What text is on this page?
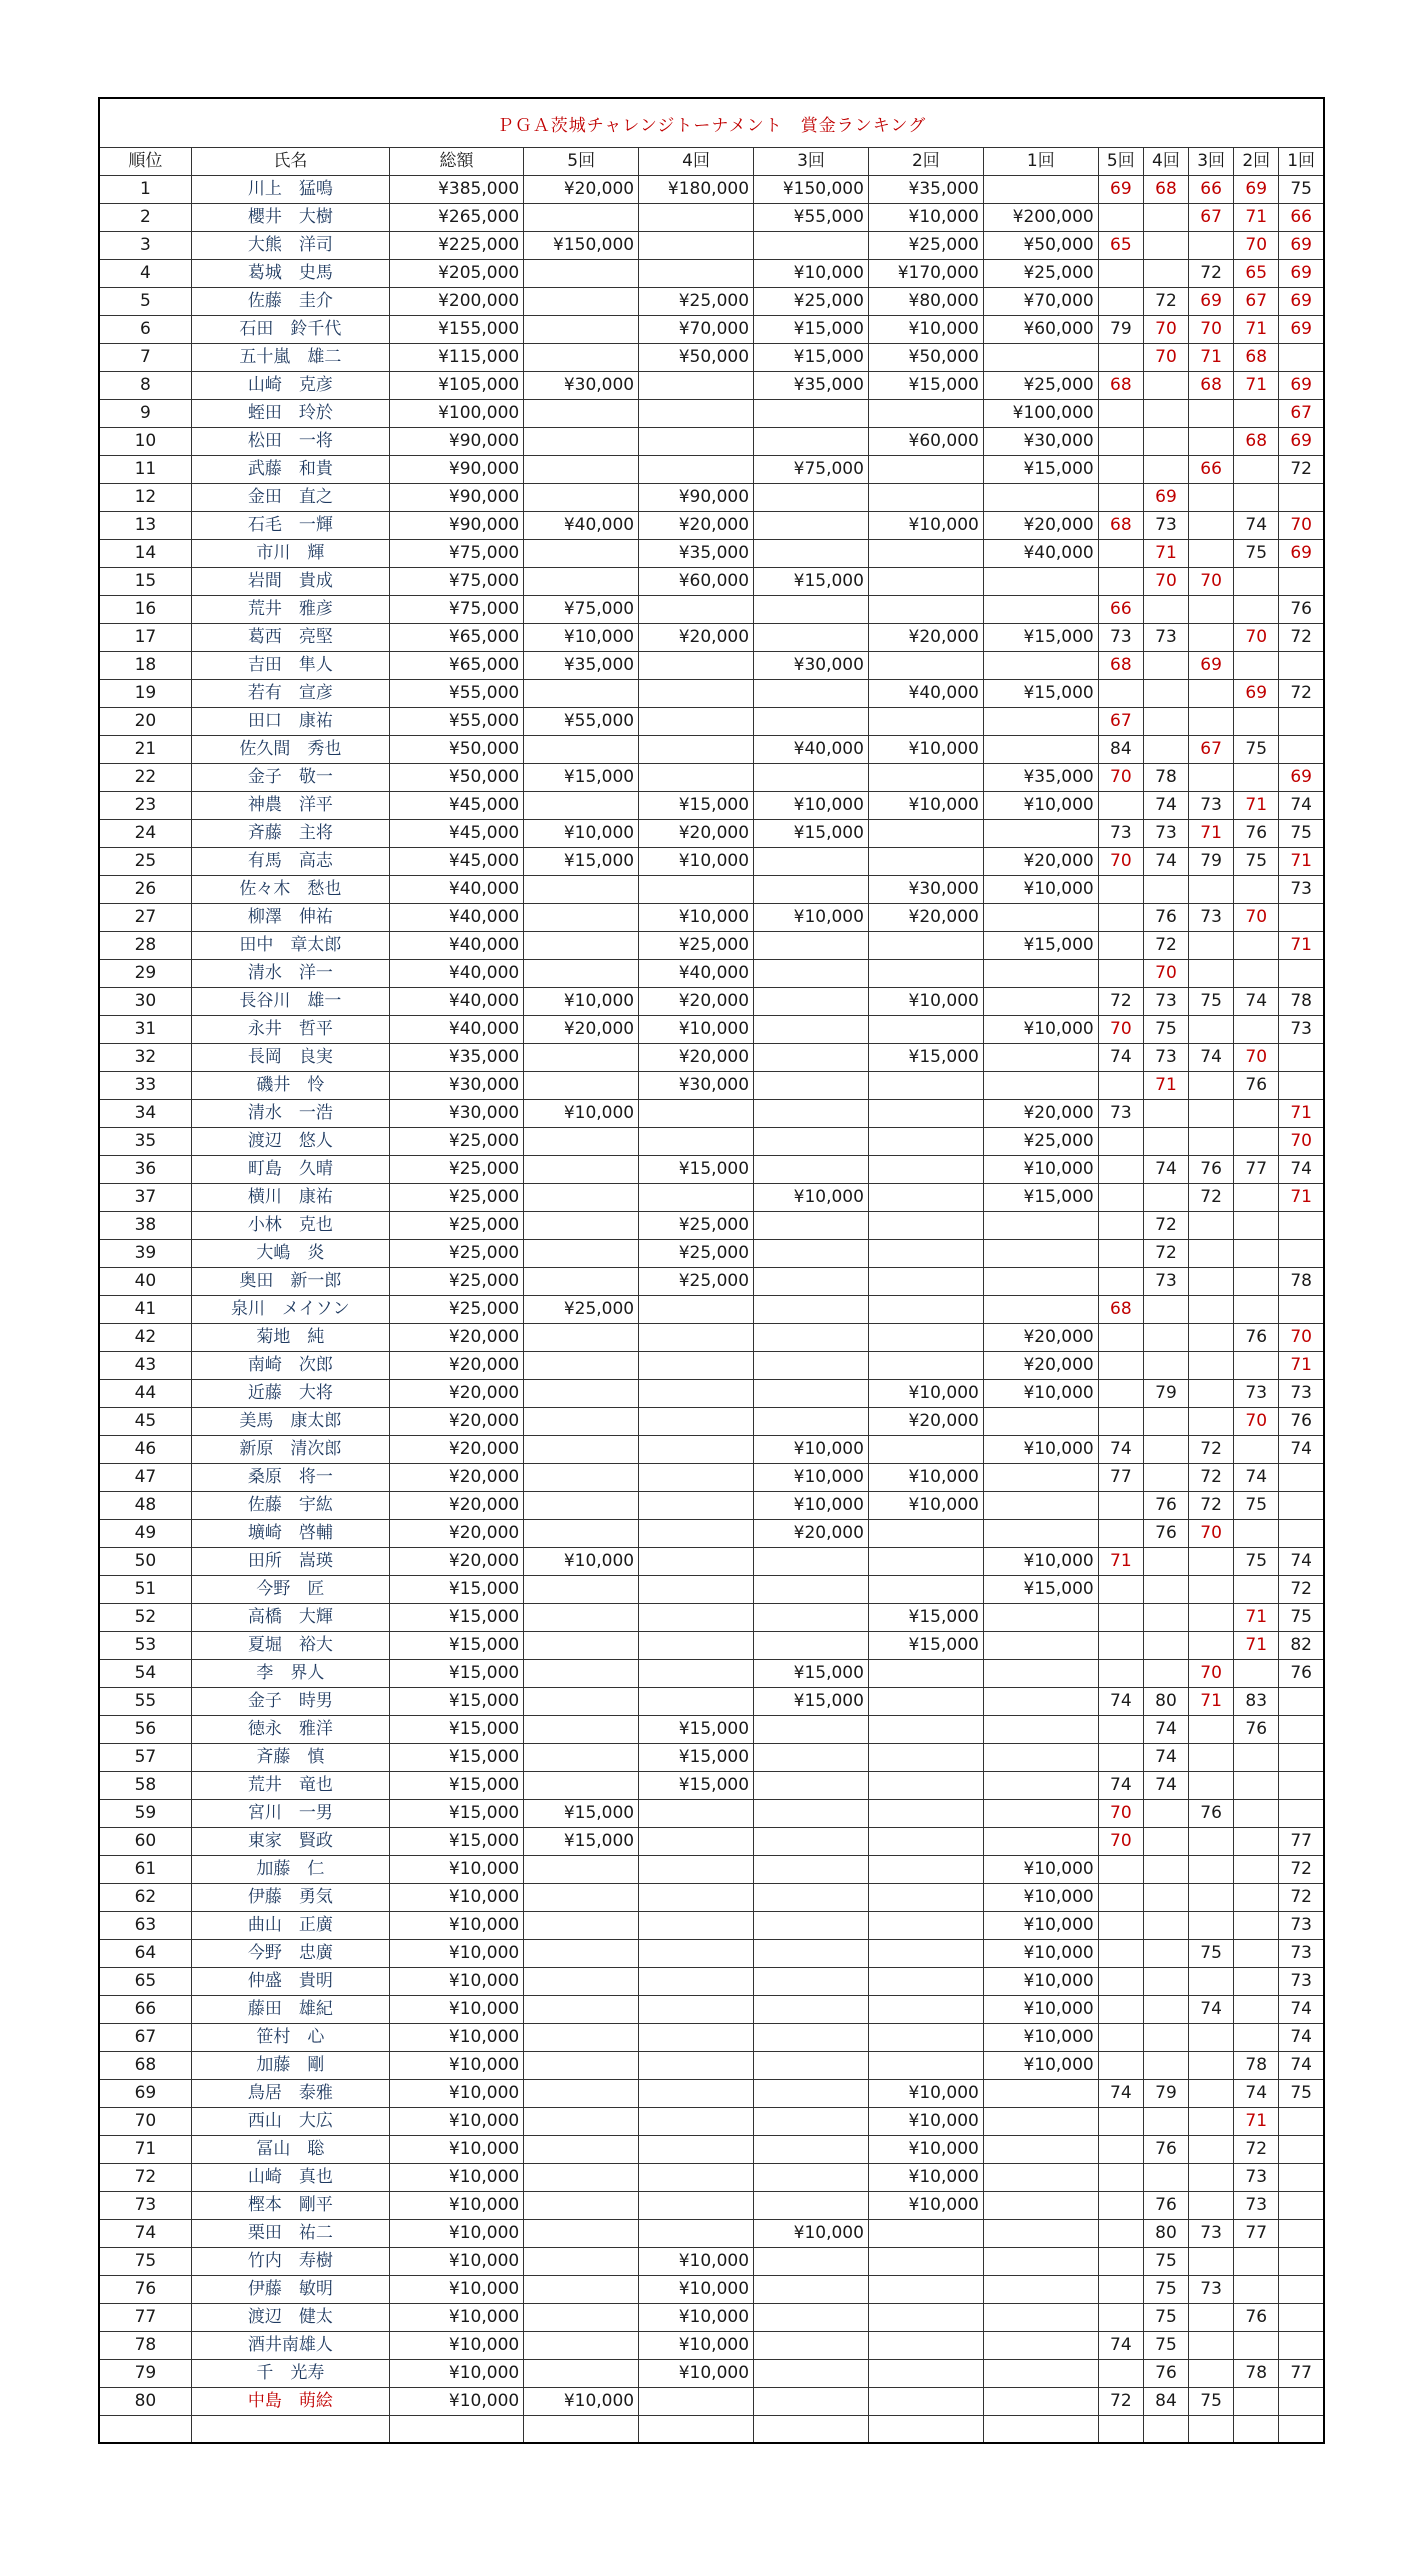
ＰＧＡ茨城チャレンジトーナメント　賞金ランキング
順位	氏名	総額	5回	4回	3回	2回	1回	5回	4回	3回	2回	1回
1	川上　猛鳴	¥385,000	¥20,000	¥180,000	¥150,000	¥35,000		69	68	66	69	75
2	櫻井　大樹	¥265,000			¥55,000	¥10,000	¥200,000			67	71	66
3	大熊　洋司	¥225,000	¥150,000			¥25,000	¥50,000	65			70	69
4	葛城　史馬	¥205,000			¥10,000	¥170,000	¥25,000			72	65	69
5	佐藤　圭介	¥200,000		¥25,000	¥25,000	¥80,000	¥70,000		72	69	67	69
6	石田　鈴千代	¥155,000		¥70,000	¥15,000	¥10,000	¥60,000	79	70	70	71	69
7	五十嵐　雄二	¥115,000		¥50,000	¥15,000	¥50,000			70	71	68	
8	山崎　克彦	¥105,000	¥30,000		¥35,000	¥15,000	¥25,000	68		68	71	69
9	蛭田　玲於	¥100,000					¥100,000					67
10	松田　一将	¥90,000				¥60,000	¥30,000				68	69
11	武藤　和貴	¥90,000			¥75,000		¥15,000			66		72
12	金田　直之	¥90,000		¥90,000					69			
13	石毛　一輝	¥90,000	¥40,000	¥20,000		¥10,000	¥20,000	68	73		74	70
14	市川　輝	¥75,000		¥35,000			¥40,000		71		75	69
15	岩間　貴成	¥75,000		¥60,000	¥15,000				70	70		
16	荒井　雅彦	¥75,000	¥75,000					66				76
17	葛西　亮堅	¥65,000	¥10,000	¥20,000		¥20,000	¥15,000	73	73		70	72
18	吉田　隼人	¥65,000	¥35,000		¥30,000			68		69		
19	若有　宣彦	¥55,000				¥40,000	¥15,000				69	72
20	田口　康祐	¥55,000	¥55,000					67				
21	佐久間　秀也	¥50,000			¥40,000	¥10,000		84		67	75	
22	金子　敬一	¥50,000	¥15,000				¥35,000	70	78			69
23	神農　洋平	¥45,000		¥15,000	¥10,000	¥10,000	¥10,000		74	73	71	74
24	斉藤　主将	¥45,000	¥10,000	¥20,000	¥15,000			73	73	71	76	75
25	有馬　高志	¥45,000	¥15,000	¥10,000			¥20,000	70	74	79	75	71
26	佐々木　愁也	¥40,000				¥30,000	¥10,000					73
27	柳澤　伸祐	¥40,000		¥10,000	¥10,000	¥20,000			76	73	70	
28	田中　章太郎	¥40,000		¥25,000			¥15,000		72			71
29	清水　洋一	¥40,000		¥40,000					70			
30	長谷川　雄一	¥40,000	¥10,000	¥20,000		¥10,000		72	73	75	74	78
31	永井　哲平	¥40,000	¥20,000	¥10,000			¥10,000	70	75			73
32	長岡　良実	¥35,000		¥20,000		¥15,000		74	73	74	70	
33	磯井　怜	¥30,000		¥30,000					71		76	
34	清水　一浩	¥30,000	¥10,000				¥20,000	73				71
35	渡辺　悠人	¥25,000					¥25,000					70
36	町島　久晴	¥25,000		¥15,000			¥10,000		74	76	77	74
37	横川　康祐	¥25,000			¥10,000		¥15,000			72		71
38	小林　克也	¥25,000		¥25,000					72			
39	大嶋　炎	¥25,000		¥25,000					72			
40	奥田　新一郎	¥25,000		¥25,000					73			78
41	泉川　メイソン	¥25,000	¥25,000					68				
42	菊地　純	¥20,000					¥20,000				76	70
43	南崎　次郎	¥20,000					¥20,000					71
44	近藤　大将	¥20,000				¥10,000	¥10,000		79		73	73
45	美馬　康太郎	¥20,000				¥20,000					70	76
46	新原　清次郎	¥20,000			¥10,000		¥10,000	74		72		74
47	桑原　将一	¥20,000			¥10,000	¥10,000		77		72	74	
48	佐藤　宇紘	¥20,000			¥10,000	¥10,000			76	72	75	
49	壙崎　啓輔	¥20,000			¥20,000				76	70		
50	田所　嵩瑛	¥20,000	¥10,000				¥10,000	71			75	74
51	今野　匠	¥15,000					¥15,000					72
52	高橋　大輝	¥15,000				¥15,000					71	75
53	夏堀　裕大	¥15,000				¥15,000					71	82
54	李　界人	¥15,000			¥15,000					70		76
55	金子　時男	¥15,000			¥15,000			74	80	71	83	
56	徳永　雅洋	¥15,000		¥15,000					74		76	
57	斉藤　慎	¥15,000		¥15,000					74			
58	荒井　竜也	¥15,000		¥15,000				74	74			
59	宮川　一男	¥15,000	¥15,000					70		76		
60	東家　賢政	¥15,000	¥15,000					70				77
61	加藤　仁	¥10,000					¥10,000					72
62	伊藤　勇気	¥10,000					¥10,000					72
63	曲山　正廣	¥10,000					¥10,000					73
64	今野　忠廣	¥10,000					¥10,000			75		73
65	仲盛　貴明	¥10,000					¥10,000					73
66	藤田　雄紀	¥10,000					¥10,000			74		74
67	笹村　心	¥10,000					¥10,000					74
68	加藤　剛	¥10,000					¥10,000				78	74
69	鳥居　泰雅	¥10,000				¥10,000		74	79		74	75
70	西山　大広	¥10,000				¥10,000					71	
71	冨山　聡	¥10,000				¥10,000			76		72	
72	山崎　真也	¥10,000				¥10,000					73	
73	樫本　剛平	¥10,000				¥10,000			76		73	
74	栗田　祐二	¥10,000			¥10,000				80	73	77	
75	竹内　寿樹	¥10,000		¥10,000					75			
76	伊藤　敏明	¥10,000		¥10,000					75	73		
77	渡辺　健太	¥10,000		¥10,000					75		76	
78	酒井南雄人	¥10,000		¥10,000				74	75			
79	千　光寿	¥10,000		¥10,000					76		78	77
80	中島　萌絵	¥10,000	¥10,000					72	84	75		
